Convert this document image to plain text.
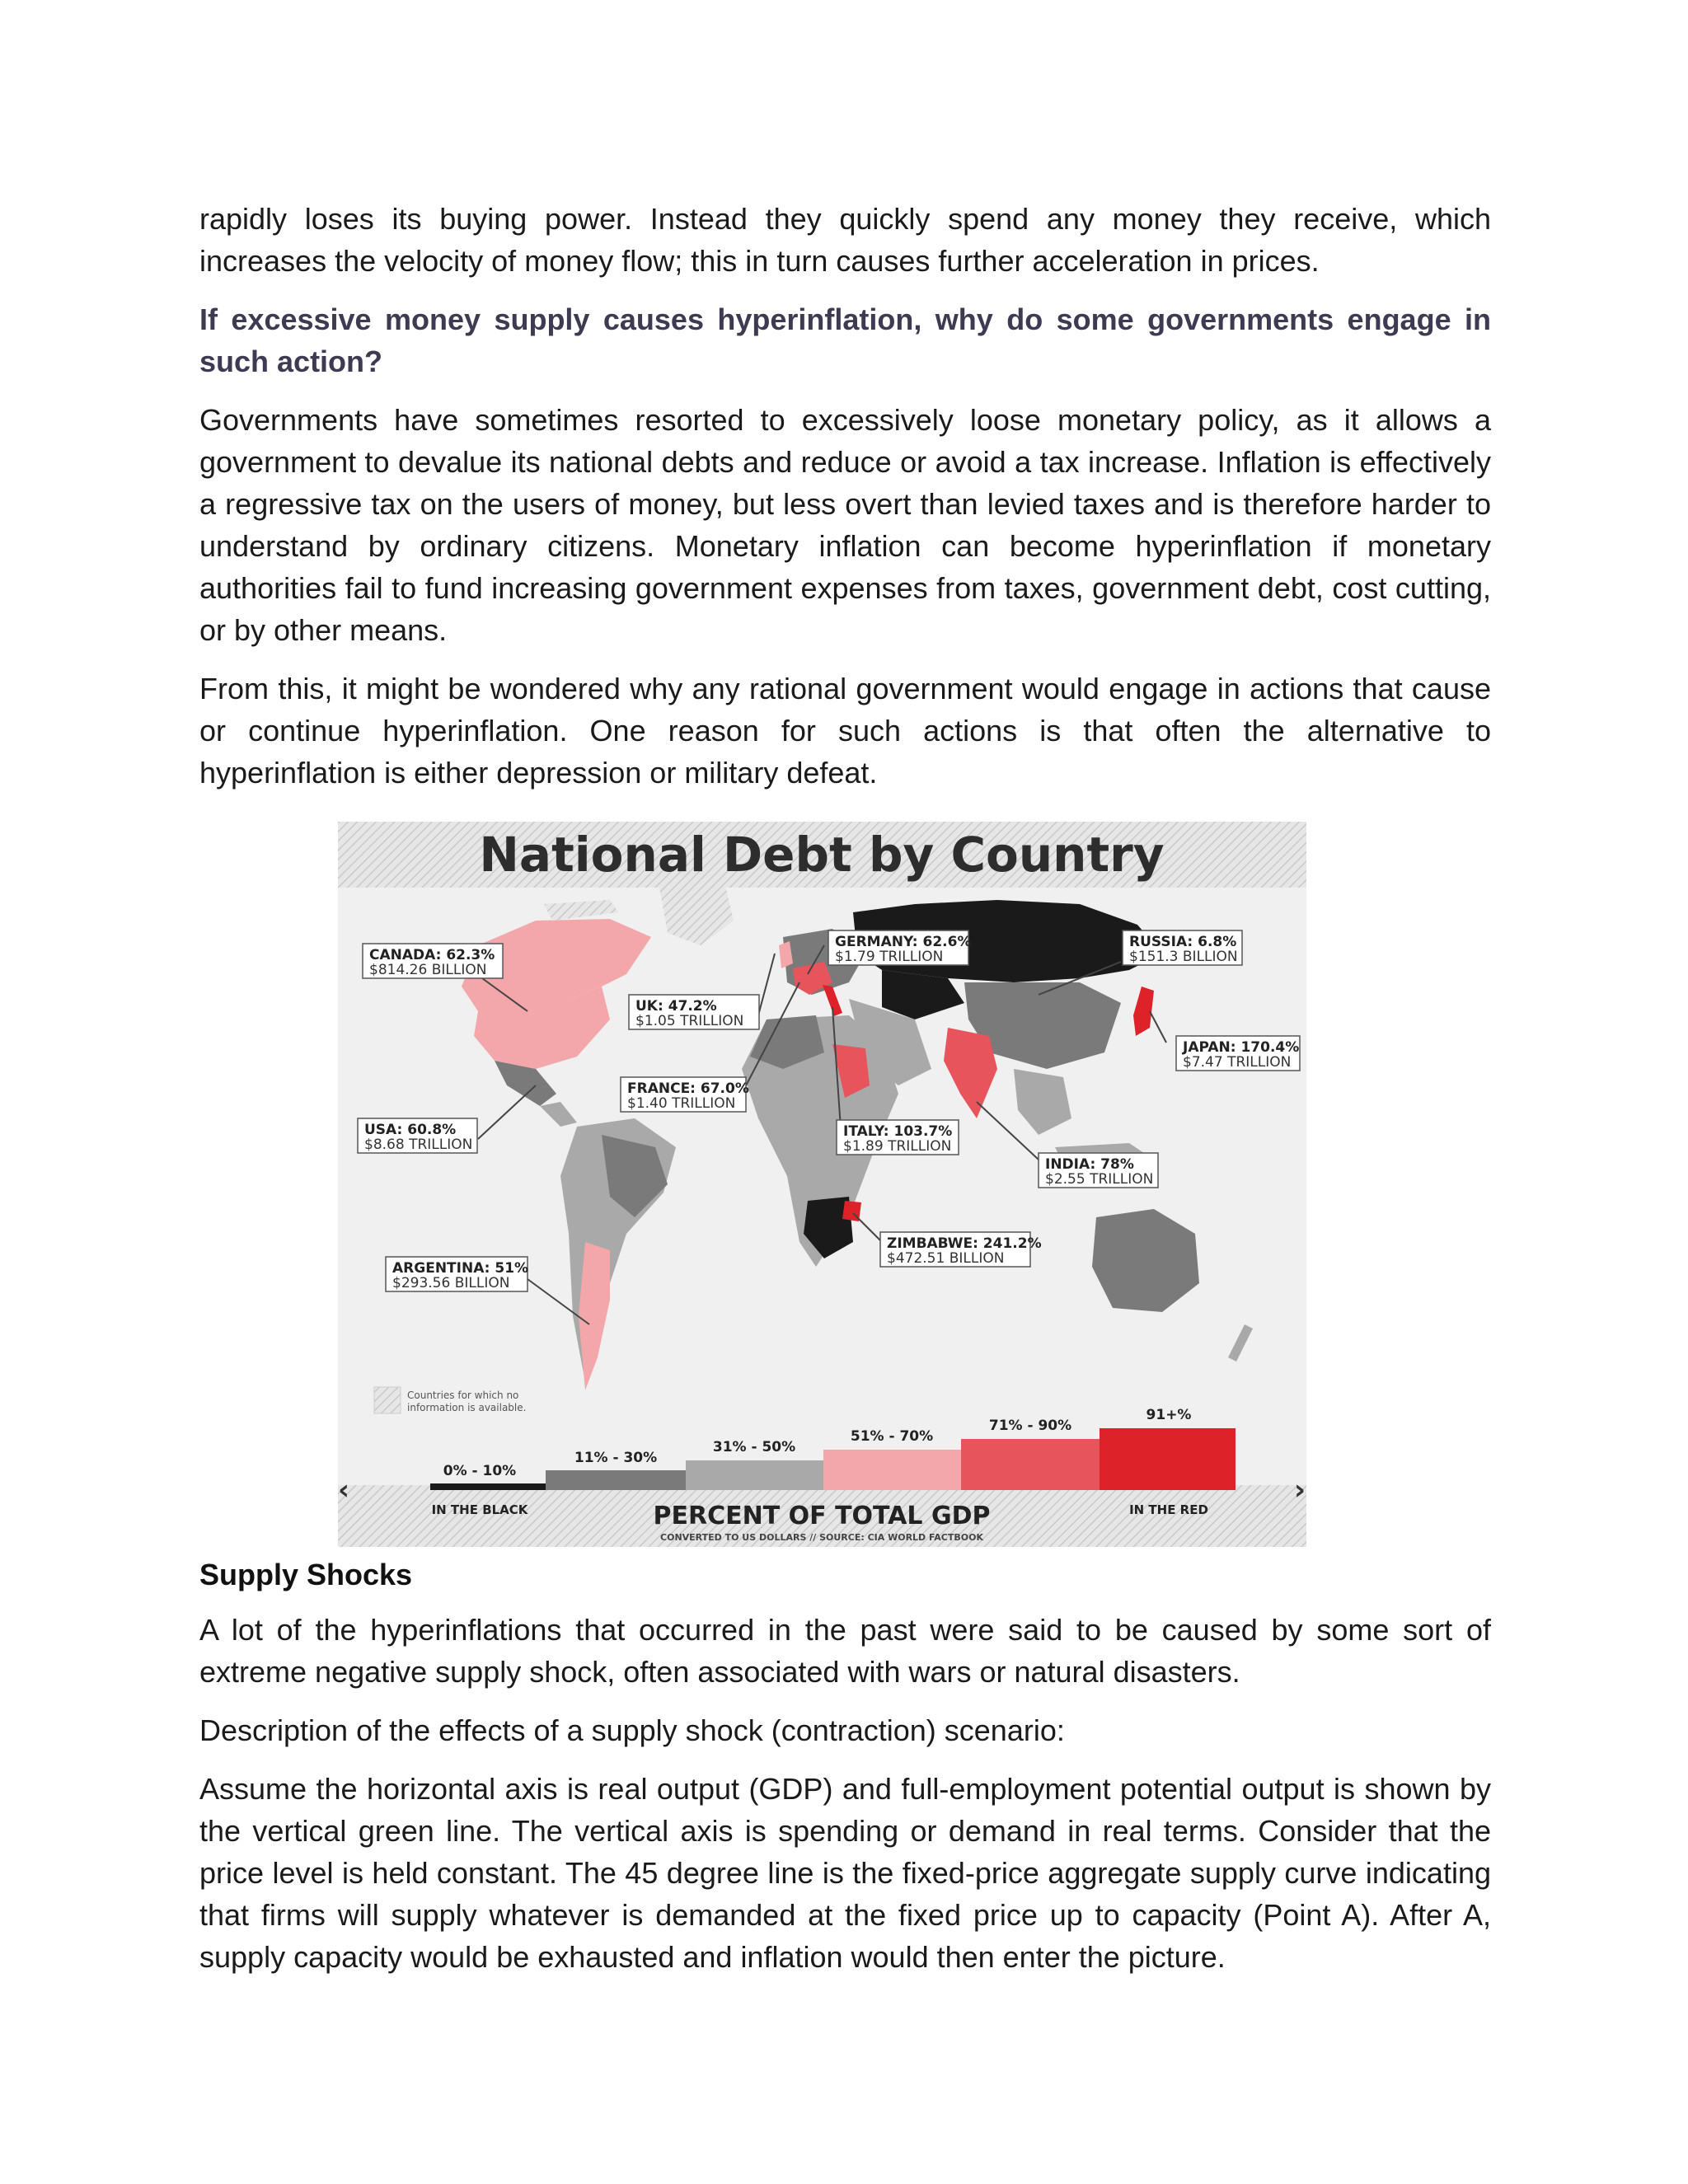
rapidly loses its buying power. Instead they quickly spend any money they receive, which increases the velocity of money flow; this in turn causes further acceleration in prices.

If excessive money supply causes hyperinflation, why do some governments engage in such action?

Governments have sometimes resorted to excessively loose monetary policy, as it allows a government to devalue its national debts and reduce or avoid a tax increase. Inflation is effectively a regressive tax on the users of money, but less overt than levied taxes and is therefore harder to understand by ordinary citizens. Monetary inflation can become hyperinflation if monetary authorities fail to fund increasing government expenses from taxes, government debt, cost cutting, or by other means.

From this, it might be wondered why any rational government would engage in actions that cause or continue hyperinflation. One reason for such actions is that often the alternative to hyperinflation is either depression or military defeat.

National Debt by Country
CANADA: 62.3%
$814.26 BILLION
UK: 47.2%
$1.05 TRILLION
GERMANY: 62.6%
$1.79 TRILLION
RUSSIA: 6.8%
$151.3 BILLION
JAPAN: 170.4%
$7.47 TRILLION
FRANCE: 67.0%
$1.40 TRILLION
USA: 60.8%
$8.68 TRILLION
ITALY: 103.7%
$1.89 TRILLION
INDIA: 78%
$2.55 TRILLION
ZIMBABWE: 241.2%
$472.51 BILLION
ARGENTINA: 51%
$293.56 BILLION
Countries for which no
information is available.
0% - 10%
11% - 30%
31% - 50%
51% - 70%
71% - 90%
91+%
‹	›
IN THE BLACK	IN THE RED
PERCENT OF TOTAL GDP
CONVERTED TO US DOLLARS // SOURCE: CIA WORLD FACTBOOK
Supply Shocks

A lot of the hyperinflations that occurred in the past were said to be caused by some sort of extreme negative supply shock, often associated with wars or natural disasters.

Description of the effects of a supply shock (contraction) scenario:

Assume the horizontal axis is real output (GDP) and full-employment potential output is shown by the vertical green line. The vertical axis is spending or demand in real terms. Consider that the price level is held constant. The 45 degree line is the fixed-price aggregate supply curve indicating that firms will supply whatever is demanded at the fixed price up to capacity (Point A). After A, supply capacity would be exhausted and inflation would then enter the picture.
